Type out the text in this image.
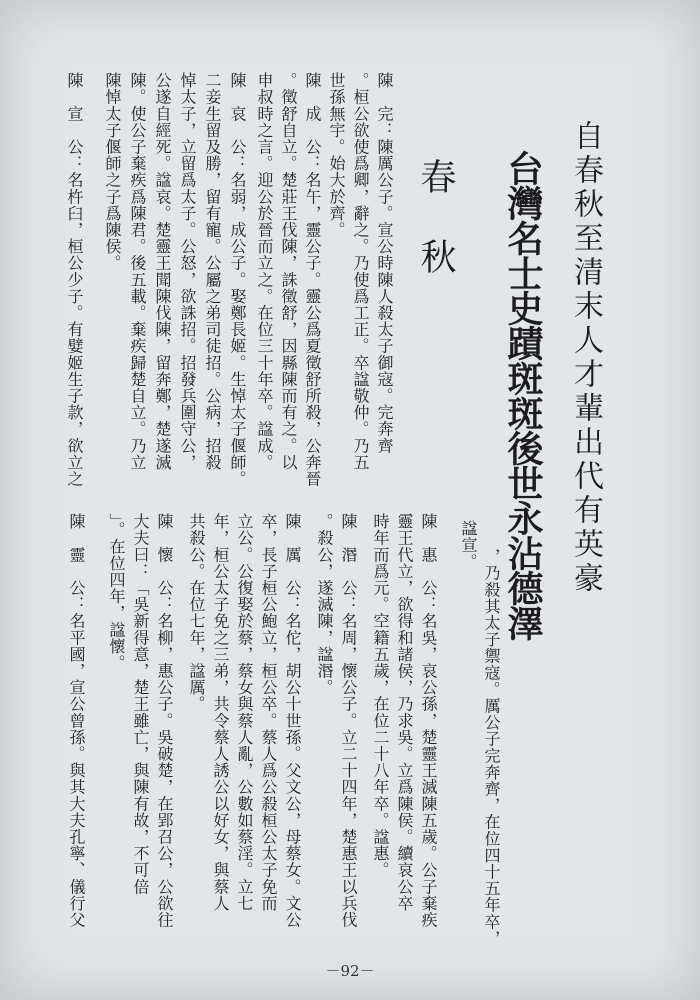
自春秋至清末人才輩出代有英豪
台灣名士史蹟斑斑後世永沾德澤
春秋
陳　完：陳厲公子。宣公時陳人殺太子御寇。完奔齊
。桓公欲使爲卿，辭之。乃使爲工正。卒諡敬仲。乃五
世孫無宇。始大於齊。
陳　成　公：名午，靈公子。靈公爲夏徵舒所殺，公奔晉
。徵舒自立。楚莊王伐陳，誅徵舒，因縣陳而有之。以
申叔時之言。迎公於晉而立之。在位三十年卒。諡成。
陳　哀　公：名弱，成公子。娶鄭長姬。生悼太子偃師。
二妾生留及勝，留有寵。公屬之弟司徒招。公病，招殺
悼太子，立留爲太子。公怒，欲誅招。招發兵圍守公，
公遂自經死。諡哀。楚靈王聞陳伐陳，留奔鄭，楚遂滅
陳。使公子棄疾爲陳君。後五載。棄疾歸楚自立。乃立
陳悼太子偃師之子爲陳侯。
陳　宣　公：名杵臼，桓公少子。有嬖姬生子款，欲立之
，乃殺其太子禦寇。厲公子完奔齊，在位四十五年卒，
諡宣。
陳　惠　公：名吳，哀公孫，楚靈王滅陳五歲。公子棄疾
靈王代立，欲得和諸侯，乃求吳。立爲陳侯。續哀公卒
時年而爲元。空籍五歲，在位二十八年卒。諡惠。
陳　湣　公：名周，懷公子。立二十四年，楚惠王以兵伐
。殺公，遂滅陳，諡湣。
陳　厲　公：名佗，胡公十世孫。父文公，母蔡女。文公
卒，長子桓公鮑立，桓公卒。蔡人爲公殺桓公太子免而
立公。公復娶於蔡，蔡女與蔡人亂，公數如蔡淫。立七
年，桓公太子免之三弟，共令蔡人誘公以好女，與蔡人
共殺公。在位七年，諡厲。
陳　懷　公：名柳，惠公子。吳破楚，在郢召公，公欲往
大夫曰：「吳新得意，楚王雖亡，與陳有故，不可倍
」。在位四年，諡懷。
陳　靈　公：名平國，宣公曾孫。與其大夫孔寧、儀行父
－92－
